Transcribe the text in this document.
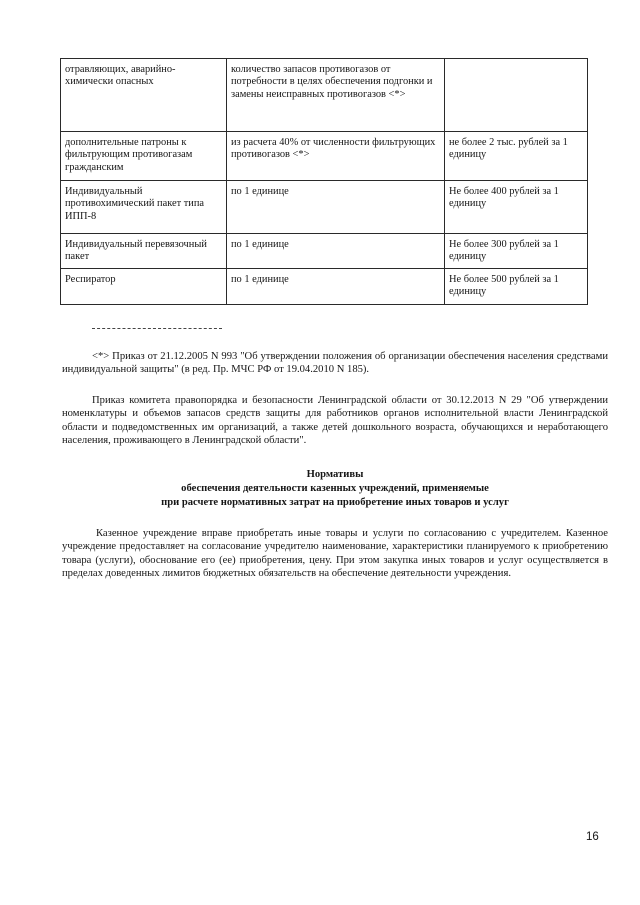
отравляющих, аварийно-химически опасных	количество запасов противогазов от потребности в целях обеспечения подгонки и замены неисправных противогазов <*>	
дополнительные патроны к фильтрующим противогазам гражданским	из расчета 40% от численности фильтрующих противогазов <*>	не более 2 тыс. рублей за 1 единицу
Индивидуальный противохимический пакет типа ИПП-8	по 1 единице	Не более 400 рублей за 1 единицу
Индивидуальный перевязочный пакет	по 1 единице	Не более 300 рублей за 1 единицу
Респиратор	по 1 единице	Не более 500 рублей за 1 единицу

<*> Приказ от 21.12.2005 N 993 "Об утверждении положения об организации обеспечения населения средствами индивидуальной защиты" (в ред. Пр. МЧС РФ от 19.04.2010 N 185).

Приказ комитета правопорядка и безопасности Ленинградской области от 30.12.2013 N 29 "Об утверждении номенклатуры и объемов запасов средств защиты для работников органов исполнительной власти Ленинградской области и подведомственных им организаций, а также детей дошкольного возраста, обучающихся и неработающего населения, проживающего в Ленинградской области".

Нормативы
обеспечения деятельности казенных учреждений, применяемые
при расчете нормативных затрат на приобретение иных товаров и услуг

Казенное учреждение вправе приобретать иные товары и услуги по согласованию с учредителем. Казенное учреждение предоставляет на согласование учредителю наименование, характеристики планируемого к приобретению товара (услуги), обоснование его (ее) приобретения, цену. При этом закупка иных товаров и услуг осуществляется в пределах доведенных лимитов бюджетных обязательств на обеспечение деятельности учреждения.

16
